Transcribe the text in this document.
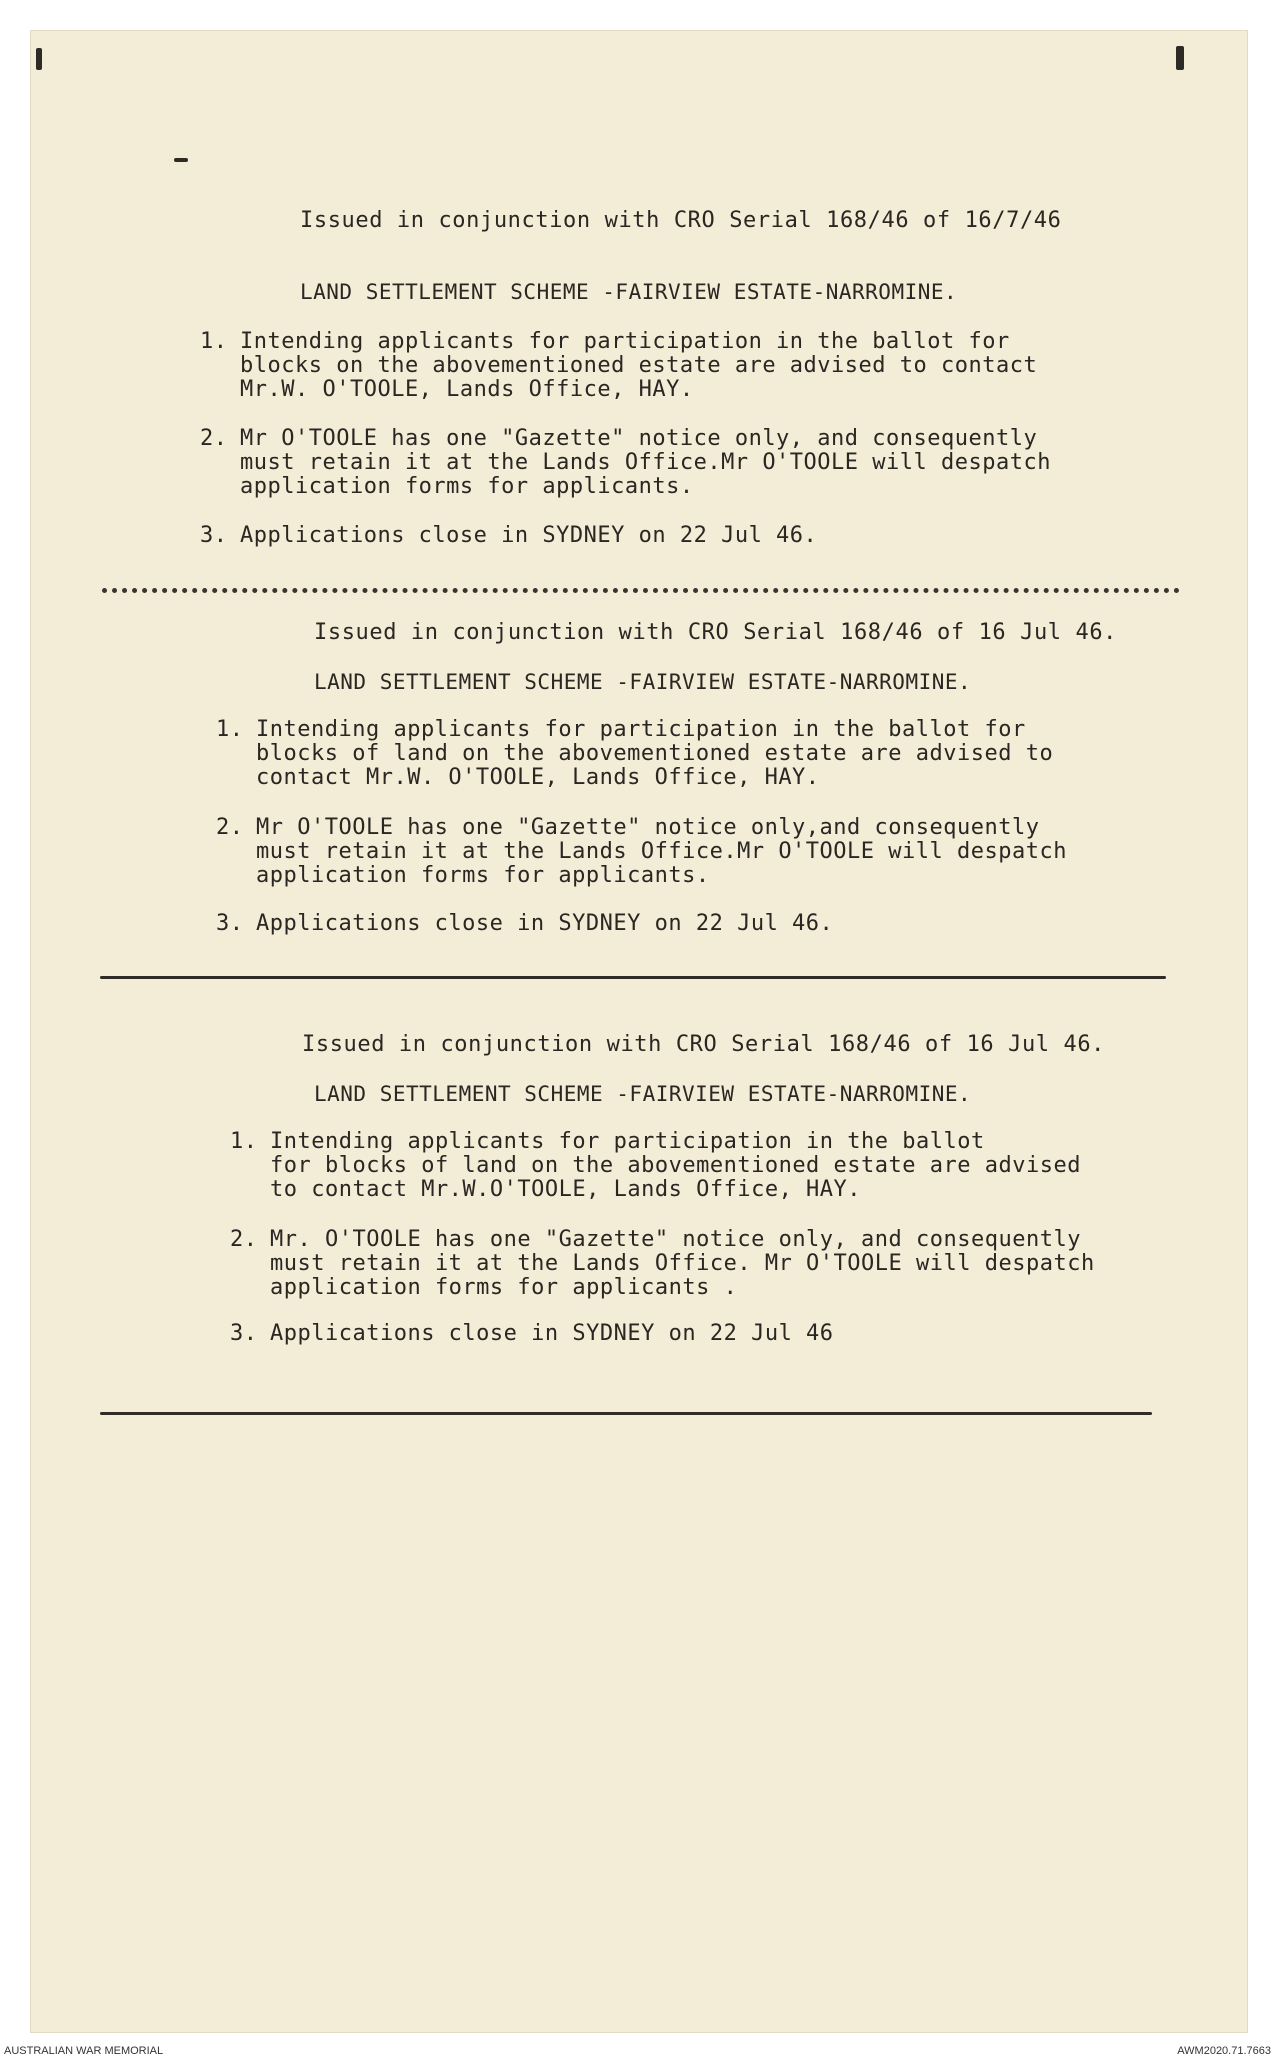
Issued in conjunction with CRO Serial 168/46 of 16/7/46
LAND SETTLEMENT SCHEME -FAIRVIEW ESTATE-NARROMINE.
1. Intending applicants for participation in the ballot for
blocks on the abovementioned estate are advised to contact
Mr.W. O'TOOLE, Lands Office, HAY.
2. Mr O'TOOLE has one "Gazette" notice only, and consequently
must retain it at the Lands Office.Mr O'TOOLE will despatch
application forms for applicants.
3. Applications close in SYDNEY on 22 Jul 46.
Issued in conjunction with CRO Serial 168/46 of 16 Jul 46.
LAND SETTLEMENT SCHEME -FAIRVIEW ESTATE-NARROMINE.
1. Intending applicants for participation in the ballot for
blocks of land on the abovementioned estate are advised to
contact Mr.W. O'TOOLE, Lands Office, HAY.
2. Mr O'TOOLE has one "Gazette" notice only,and consequently
must retain it at the Lands Office.Mr O'TOOLE will despatch
application forms for applicants.
3. Applications close in SYDNEY on 22 Jul 46.
Issued in conjunction with CRO Serial 168/46 of 16 Jul 46.
LAND SETTLEMENT SCHEME -FAIRVIEW ESTATE-NARROMINE.
1. Intending applicants for participation in the ballot
for blocks of land on the abovementioned estate are advised
to contact Mr.W.O'TOOLE, Lands Office, HAY.
2. Mr. O'TOOLE has one "Gazette" notice only, and consequently
must retain it at the Lands Office. Mr O'TOOLE will despatch
application forms for applicants .
3. Applications close in SYDNEY on 22 Jul 46
AUSTRALIAN WAR MEMORIAL	AWM2020.71.7663
